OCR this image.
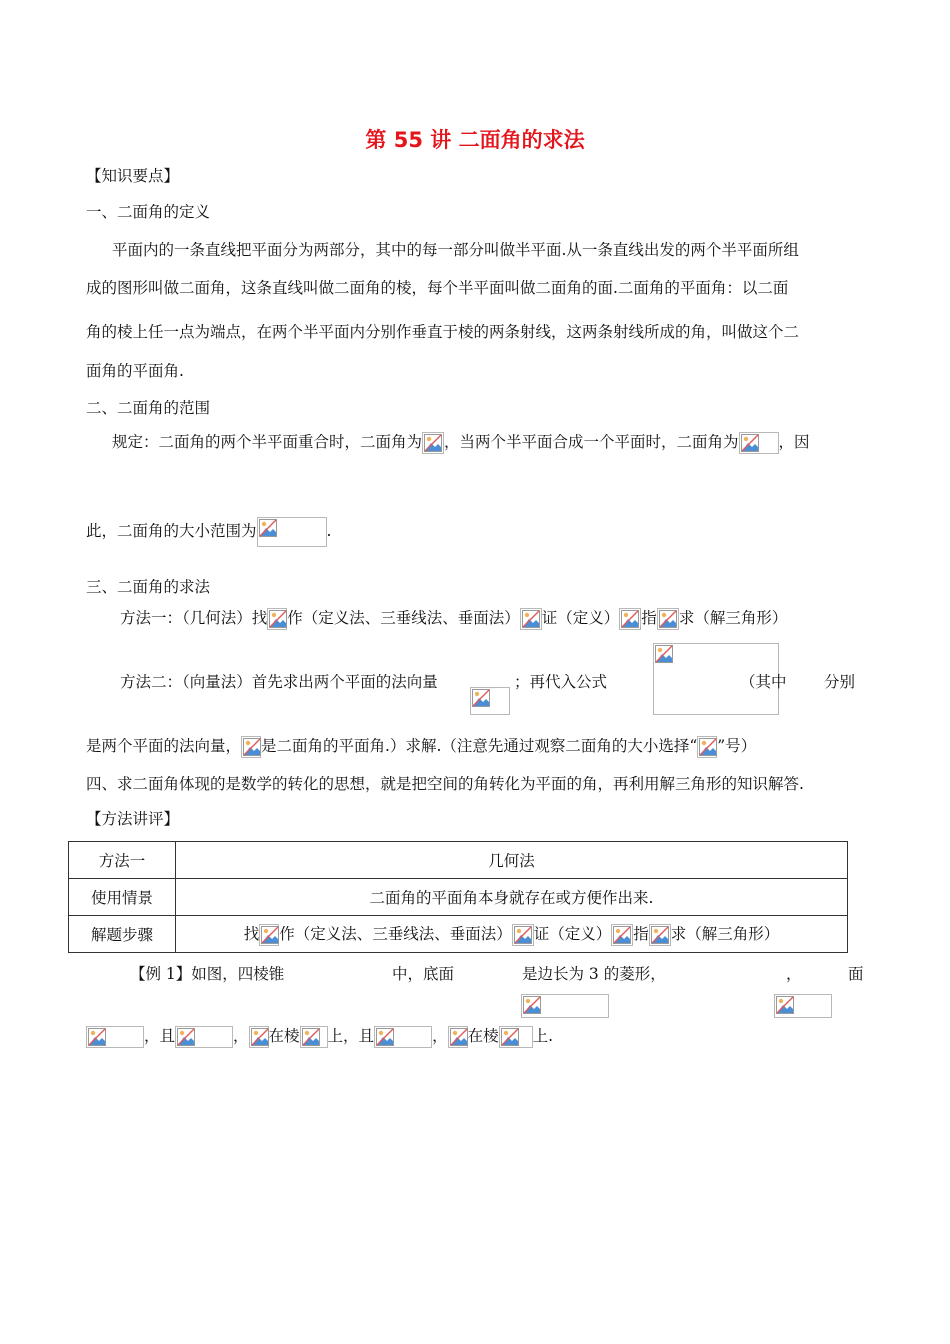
第 55 讲 二面角的求法
【知识要点】
一、二面角的定义
平面内的一条直线把平面分为两部分，其中的每一部分叫做半平面.从一条直线出发的两个半平面所组
成的图形叫做二面角，这条直线叫做二面角的棱，每个半平面叫做二面角的面.二面角的平面角：以二面
角的棱上任一点为端点，在两个半平面内分别作垂直于棱的两条射线，这两条射线所成的角，叫做这个二
面角的平面角.
二、二面角的范围
规定：二面角的两个半平面重合时，二面角为 ，当两个半平面合成一个平面时，二面角为	，因
此，二面角的大小范围为	.
三、二面角的求法
方法一：（几何法）找 作（定义法、三垂线法、垂面法） 证（定义） 指 求（解三角形）
方法二：（向量法）首先求出两个平面的法向量
	；再代入公式
	（其中
分别
是两个平面的法向量， 是二面角的平面角.）求解.（注意先通过观察二面角的大小选择“ ”号）
四、求二面角体现的是数学的转化的思想，就是把空间的角转化为平面的角，再利用解三角形的知识解答.
【方法讲评】
方法一	几何法
使用情景	二面角的平面角本身就存在或方便作出来.
解题步骤	找 作（定义法、三垂线法、垂面法） 证（定义） 指 求（解三角形）
【例 1】如图，四棱锥
	中，底面
	是边长为 3 的菱形，
	，	面
，且	， 在棱 上，且	， 在棱 上.
